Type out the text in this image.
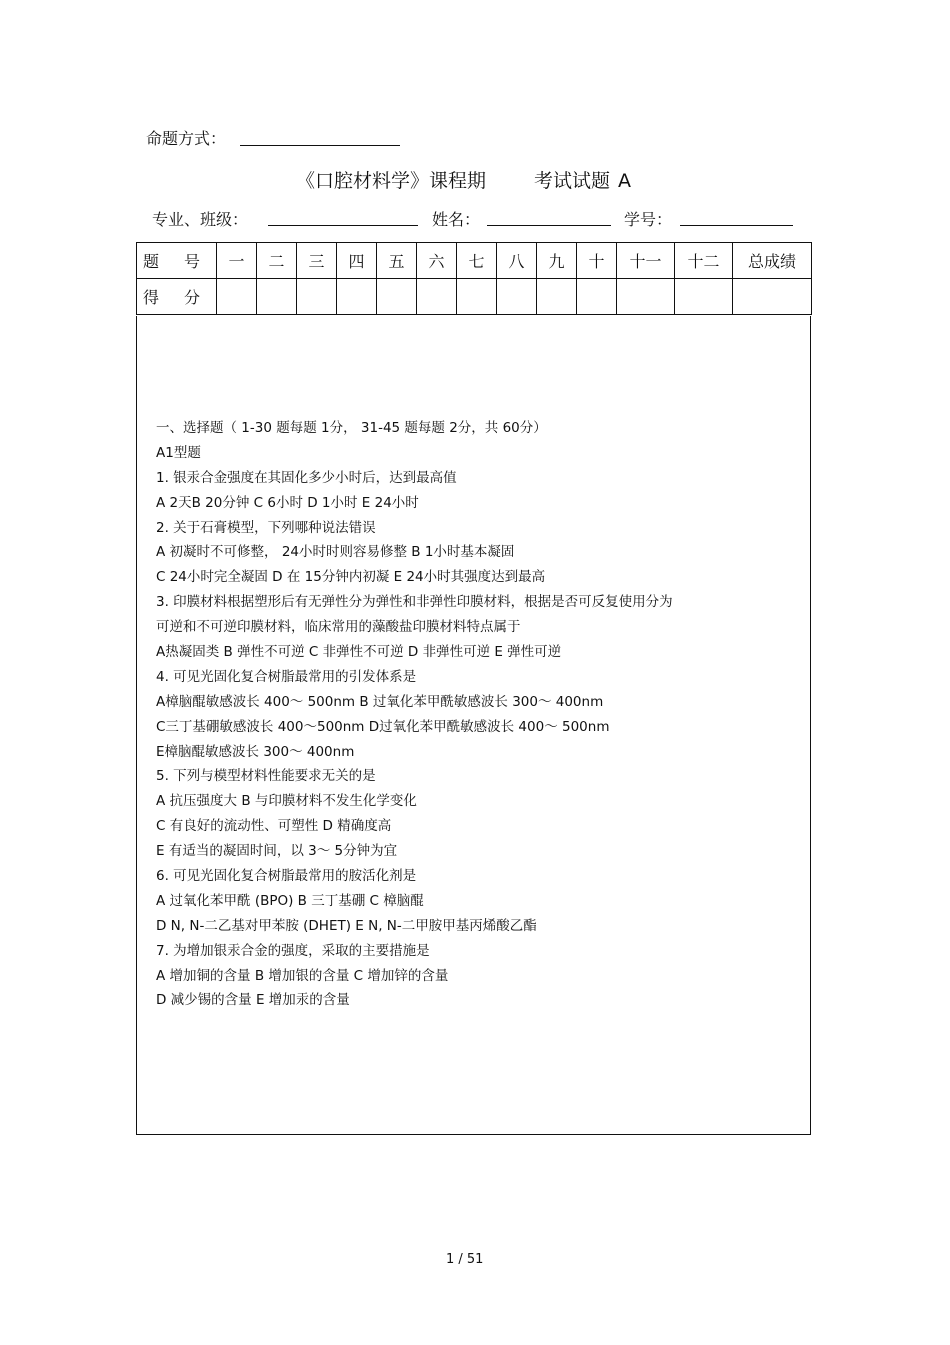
命题方式：
《口腔材料学》课程期	考试试题 A
专业、班级：	姓名：	学号：
题 号	一	二	三	四	五	六	七	八	九	十	十一	十二	总成绩
得 分													
一、选择题（ 1-30 题每题 1分， 31-45 题每题 2分，共 60分）
A1型题
1. 银汞合金强度在其固化多少小时后，达到最高值
A 2天B 20分钟 C 6小时 D 1小时 E 24小时
2. 关于石膏模型，下列哪种说法错误
A 初凝时不可修整， 24小时时则容易修整 B 1小时基本凝固
C 24小时完全凝固 D 在 15分钟内初凝 E 24小时其强度达到最高
3. 印膜材料根据塑形后有无弹性分为弹性和非弹性印膜材料，根据是否可反复使用分为
可逆和不可逆印膜材料，临床常用的藻酸盐印膜材料特点属于
A热凝固类 B 弹性不可逆 C 非弹性不可逆 D 非弹性可逆 E 弹性可逆
4. 可见光固化复合树脂最常用的引发体系是
A樟脑醌敏感波长 400～ 500nm B 过氧化苯甲酰敏感波长 300～ 400nm
C三丁基硼敏感波长 400～500nm D过氧化苯甲酰敏感波长 400～ 500nm
E樟脑醌敏感波长 300～ 400nm
5. 下列与模型材料性能要求无关的是
A 抗压强度大 B 与印膜材料不发生化学变化
C 有良好的流动性、可塑性 D 精确度高
E 有适当的凝固时间，以 3～ 5分钟为宜
6. 可见光固化复合树脂最常用的胺活化剂是
A 过氧化苯甲酰 (BPO) B 三丁基硼 C 樟脑醌
D N, N-二乙基对甲苯胺 (DHET) E N, N-二甲胺甲基丙烯酸乙酯
7. 为增加银汞合金的强度，采取的主要措施是
A 增加铜的含量 B 增加银的含量 C 增加锌的含量
D 减少锡的含量 E 增加汞的含量
1 / 51
